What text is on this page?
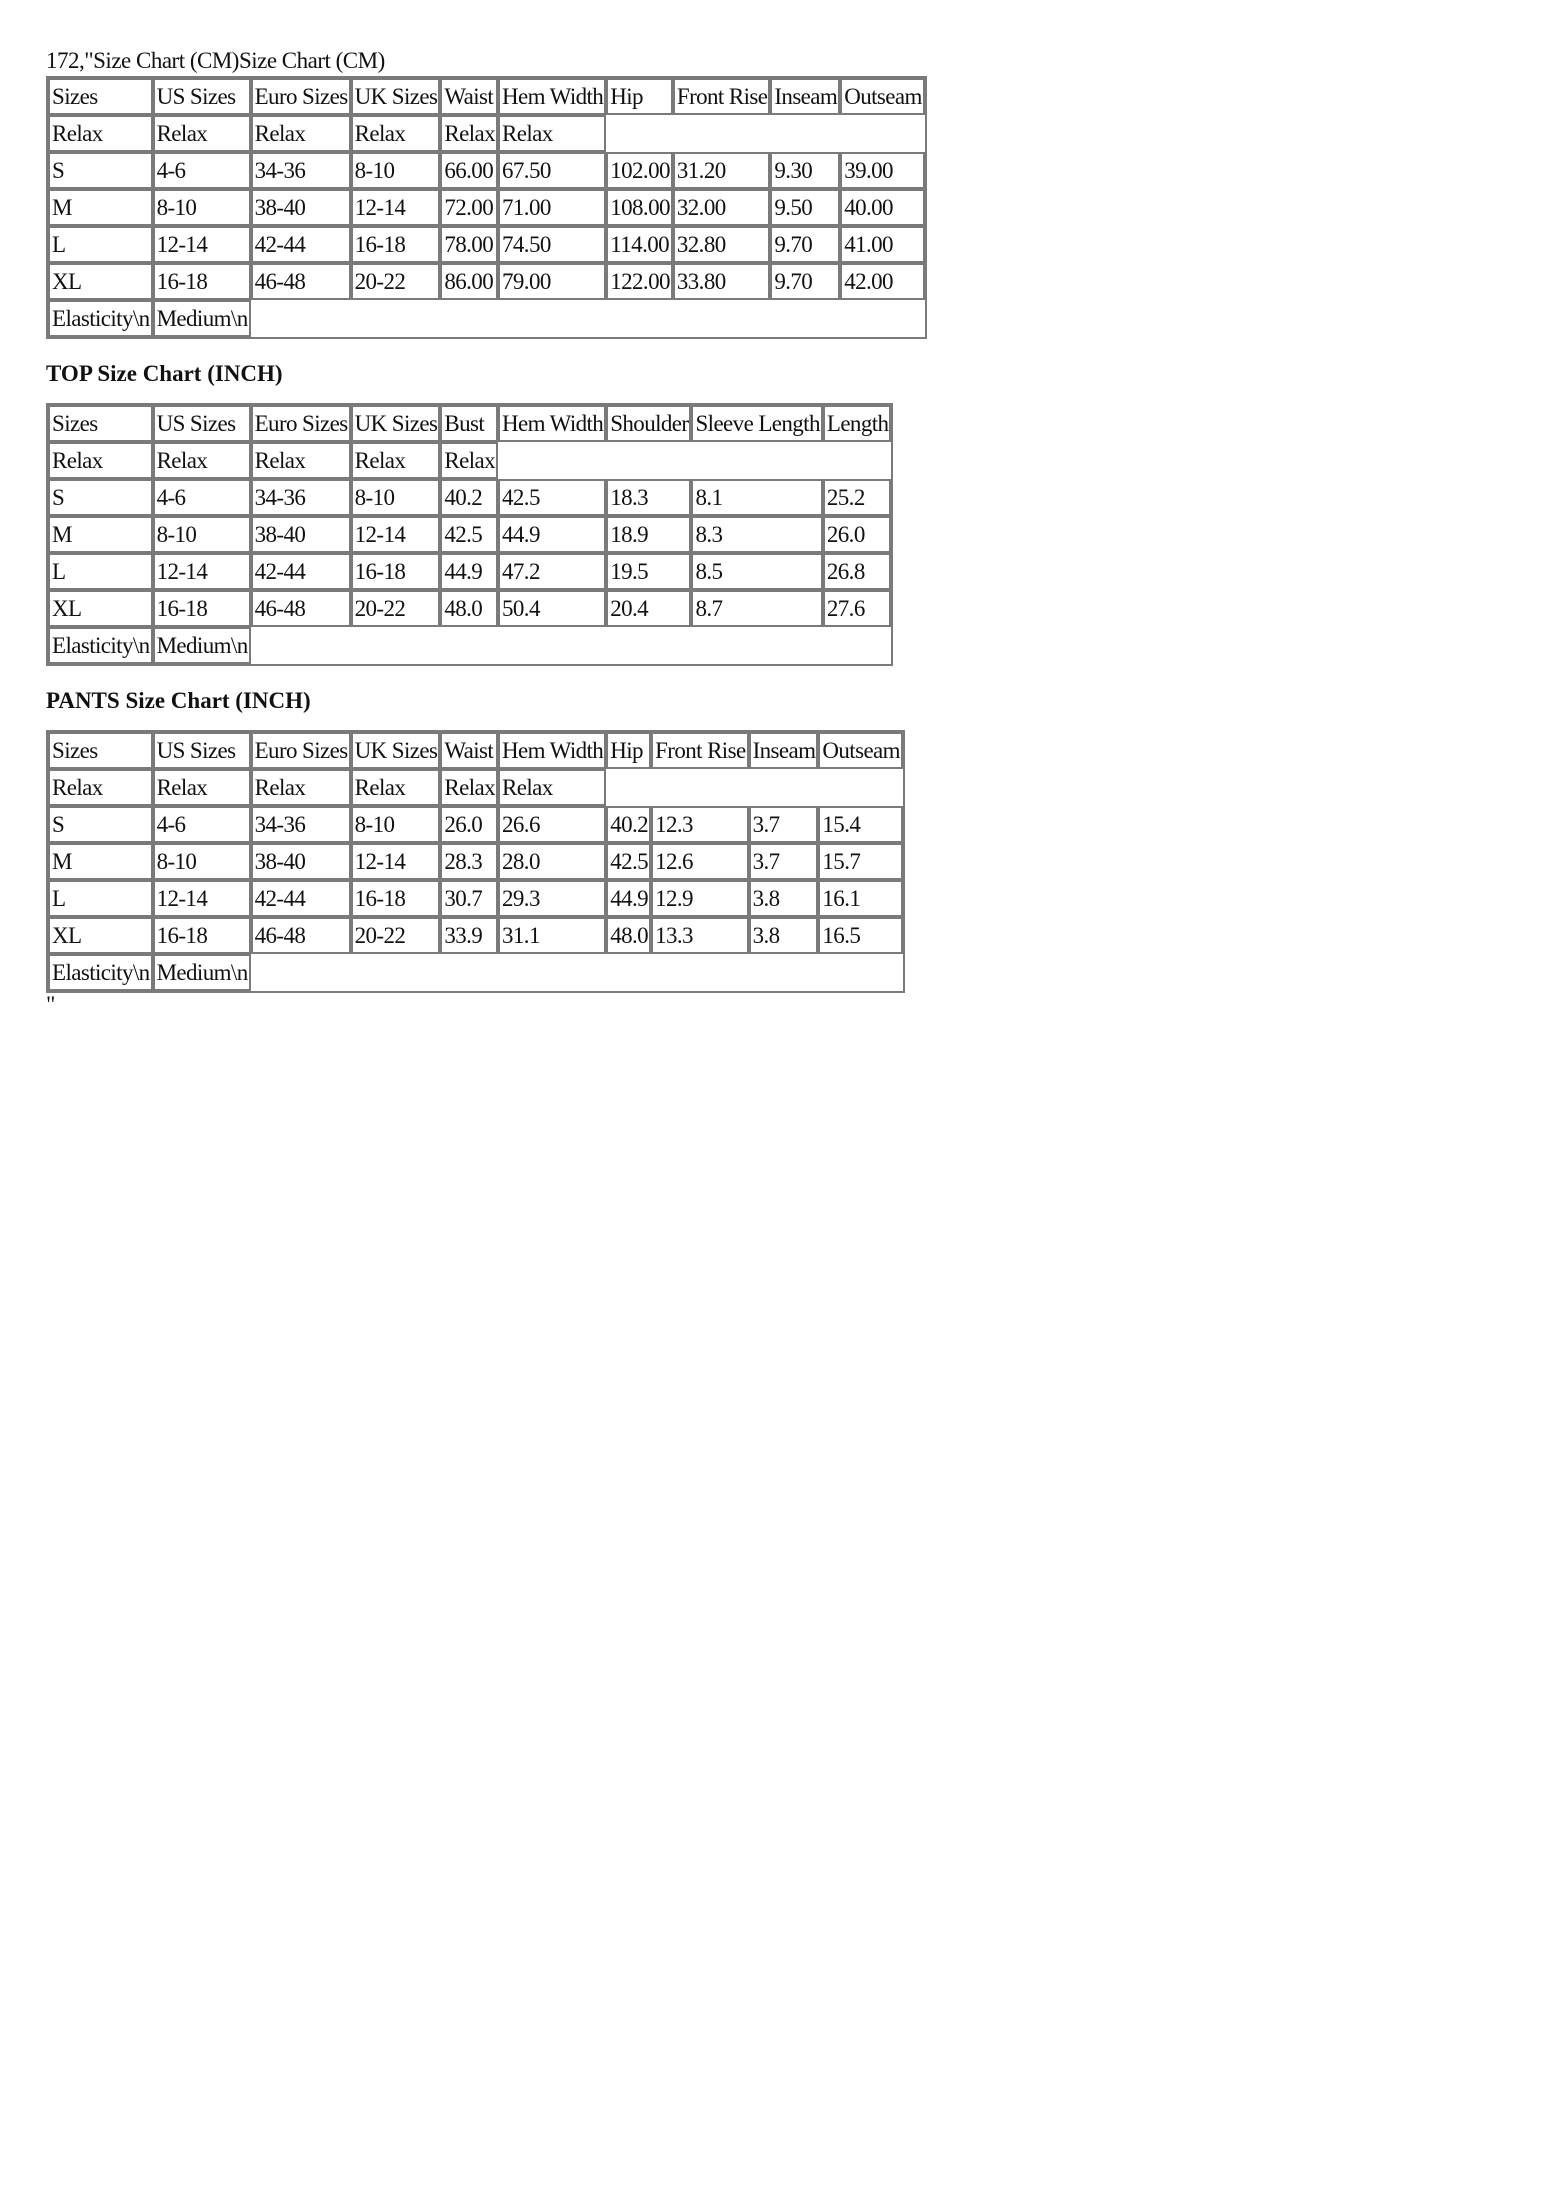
172,"Size Chart (CM)Size Chart (CM)
Sizes	US Sizes	Euro Sizes	UK Sizes	Waist	Hem Width	Hip	Front Rise	Inseam	Outseam
Relax	Relax	Relax	Relax	Relax	Relax				
S	4-6	34-36	8-10	66.00	67.50	102.00	31.20	9.30	39.00
M	8-10	38-40	12-14	72.00	71.00	108.00	32.00	9.50	40.00
L	12-14	42-44	16-18	78.00	74.50	114.00	32.80	9.70	41.00
XL	16-18	46-48	20-22	86.00	79.00	122.00	33.80	9.70	42.00
Elasticity\n	Medium\n								
TOP Size Chart (INCH)
Sizes	US Sizes	Euro Sizes	UK Sizes	Bust	Hem Width	Shoulder	Sleeve Length	Length
Relax	Relax	Relax	Relax	Relax				
S	4-6	34-36	8-10	40.2	42.5	18.3	8.1	25.2
M	8-10	38-40	12-14	42.5	44.9	18.9	8.3	26.0
L	12-14	42-44	16-18	44.9	47.2	19.5	8.5	26.8
XL	16-18	46-48	20-22	48.0	50.4	20.4	8.7	27.6
Elasticity\n	Medium\n							
PANTS Size Chart (INCH)
Sizes	US Sizes	Euro Sizes	UK Sizes	Waist	Hem Width	Hip	Front Rise	Inseam	Outseam
Relax	Relax	Relax	Relax	Relax	Relax				
S	4-6	34-36	8-10	26.0	26.6	40.2	12.3	3.7	15.4
M	8-10	38-40	12-14	28.3	28.0	42.5	12.6	3.7	15.7
L	12-14	42-44	16-18	30.7	29.3	44.9	12.9	3.8	16.1
XL	16-18	46-48	20-22	33.9	31.1	48.0	13.3	3.8	16.5
Elasticity\n	Medium\n								
"
